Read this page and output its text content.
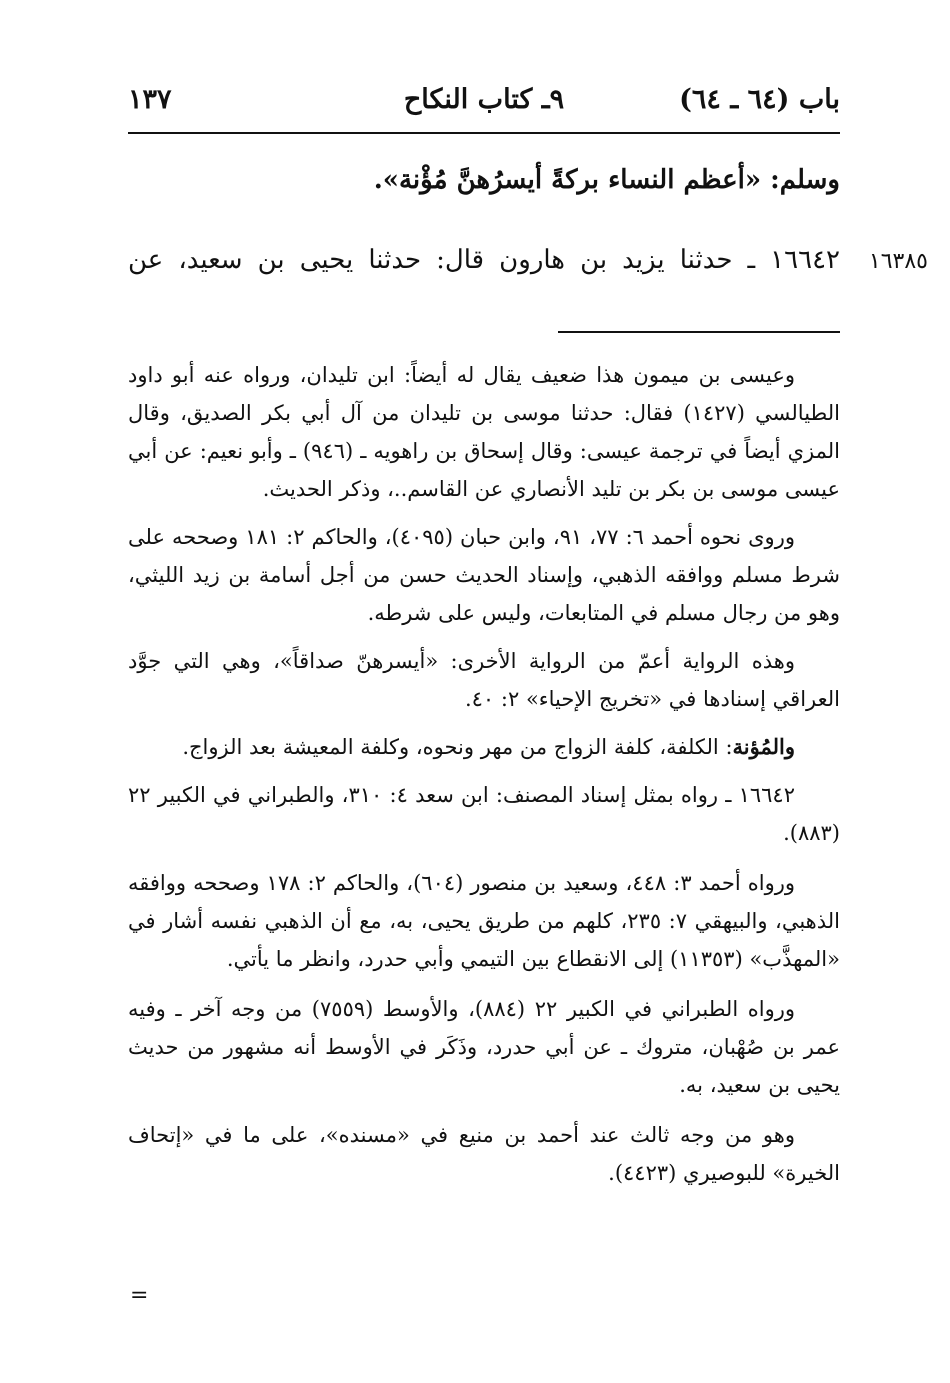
باب (٦٤ ـ ٦٤)
٩ـ كتاب النكاح
١٣٧
وسلم: «أعظم النساء بركةً أيسرُهنَّ مُؤْنة».
١٦٦٤٢ ـ حدثنا يزيد بن هارون قال: حدثنا يحيى بن سعيد، عن	١٦٣٨٥

وعيسى بن ميمون هذا ضعيف يقال له أيضاً: ابن تليدان، ورواه عنه أبو داود الطيالسي (١٤٢٧) فقال: حدثنا موسى بن تليدان من آل أبي بكر الصديق، وقال المزي أيضاً في ترجمة عيسى: وقال إسحاق بن راهويه ـ (٩٤٦) ـ وأبو نعيم: عن أبي عيسى موسى بن بكر بن تليد الأنصاري عن القاسم..، وذكر الحديث.

وروى نحوه أحمد ٦: ٧٧، ٩١، وابن حبان (٤٠٩٥)، والحاكم ٢: ١٨١ وصححه على شرط مسلم ووافقه الذهبي، وإسناد الحديث حسن من أجل أسامة بن زيد الليثي، وهو من رجال مسلم في المتابعات، وليس على شرطه.

وهذه الرواية أعمّ من الرواية الأخرى: «أيسرهنّ صداقاً»، وهي التي جوَّد العراقي إسنادها في «تخريج الإحياء» ٢: ٤٠.

والمُؤنة: الكلفة، كلفة الزواج من مهر ونحوه، وكلفة المعيشة بعد الزواج.

١٦٦٤٢ ـ رواه بمثل إسناد المصنف: ابن سعد ٤: ٣١٠، والطبراني في الكبير ٢٢ (٨٨٣).

ورواه أحمد ٣: ٤٤٨، وسعيد بن منصور (٦٠٤)، والحاكم ٢: ١٧٨ وصححه ووافقه الذهبي، والبيهقي ٧: ٢٣٥، كلهم من طريق يحيى، به، مع أن الذهبي نفسه أشار في «المهذَّب» (١١٣٥٣) إلى الانقطاع بين التيمي وأبي حدرد، وانظر ما يأتي.

ورواه الطبراني في الكبير ٢٢ (٨٨٤)، والأوسط (٧٥٥٩) من وجه آخر ـ وفيه عمر بن صُهْبان، متروك ـ عن أبي حدرد، وذَكَر في الأوسط أنه مشهور من حديث يحيى بن سعيد، به.

وهو من وجه ثالث عند أحمد بن منيع في «مسنده»، على ما في «إتحاف الخيرة» للبوصيري (٤٤٢٣).

=
